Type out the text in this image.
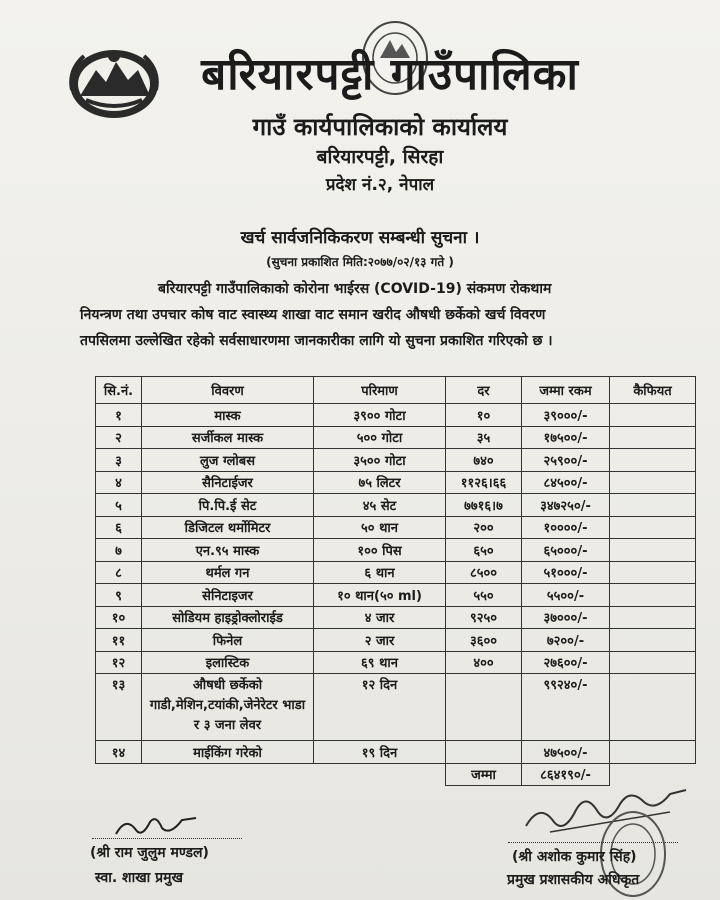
बरियारपट्टी गाउँपालिका
गाउँ कार्यपालिकाको कार्यालय
बरियारपट्टी, सिरहा
प्रदेश नं.२, नेपाल
खर्च सार्वजनिकिकरण सम्बन्धी सुचना ।
(सुचना प्रकाशित मिति:२०७७/०२/१३ गते )
बरियारपट्टी गाउँपालिकाको कोरोना भाईरस (COVID-19) संकमण रोकथाम
नियन्त्रण तथा उपचार कोष वाट स्वास्थ्य शाखा वाट समान खरीद औषधी छर्केको खर्च विवरण
तपसिलमा उल्लेखित रहेको सर्वसाधारणमा जानकारीका लागि यो सुचना प्रकाशित गरिएको छ ।
सि.नं.	विवरण	परिमाण	दर	जम्मा रकम	कैफियत
१	मास्क	३९०० गोटा	१०	३९०००/-	
२	सर्जीकल मास्क	५०० गोटा	३५	१७५००/-	
३	लुज ग्लोबस	३५०० गोटा	७४०	२५९००/-	
४	सैनिटाईजर	७५ लिटर	११२६।६६	८४५००/-	
५	पि.पि.ई सेट	४५ सेट	७७१६।७	३४७२५०/-	
६	डिजिटल थर्मोमिटर	५० थान	२००	१००००/-	
७	एन.९५ मास्क	१०० पिस	६५०	६५०००/-	
८	थर्मल गन	६ थान	८५००	५१०००/-	
९	सेनिटाइजर	१० थान(५० ml)	५५०	५५००/-	
१०	सोडियम हाइड्रोक्लोराईड	४ जार	९२५०	३७०००/-	
११	फिनेल	२ जार	३६००	७२००/-	
१२	इलास्टिक	६९ थान	४००	२७६००/-	
१३	औषधी छर्केको गाडी,मेशिन,टयांकी,जेनेरेटर भाडा र ३ जना लेवर	१२ दिन		९९२४०/-	
१४	माईकिंग गरेको	१९ दिन		४७५००/-	
			जम्मा	८६४१९०/-	
(श्री राम जुलुम मण्डल)
स्वा. शाखा प्रमुख
(श्री अशोक कुमार सिंह)
प्रमुख प्रशासकीय अधिकृत
